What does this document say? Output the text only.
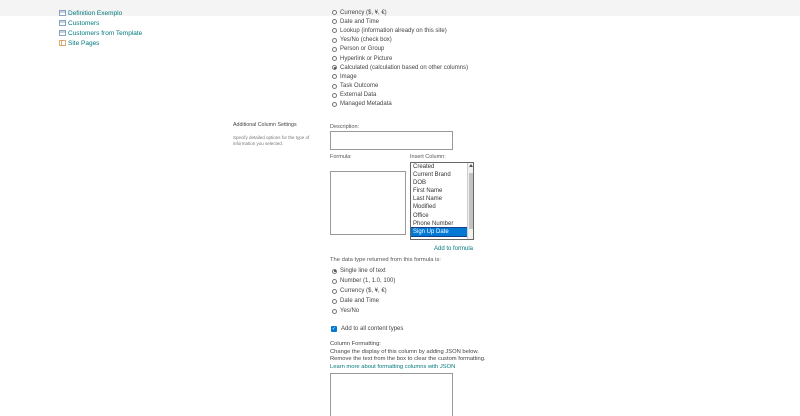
Definition Exemplo
Customers
Customers from Template
Site Pages
Currency ($, ¥, €)
Date and Time
Lookup (information already on this site)
Yes/No (check box)
Person or Group
Hyperlink or Picture
Calculated (calculation based on other columns)
Image
Task Outcome
External Data
Managed Metadata
Additional Column Settings
Specify detailed options for the type of information you selected.
Description:
Formula:	Insert Column:
Created
Current Brand
DOB
First Name
Last Name
Modified
Office
Phone Number
Sign Up Date
Add to formula
The data type returned from this formula is:
Single line of text
Number (1, 1.0, 100)
Currency ($, ¥, €)
Date and Time
Yes/No
✓ Add to all content types
Column Formatting:
Change the display of this column by adding JSON below.
Remove the text from the box to clear the custom formatting.
Learn more about formatting columns with JSON
